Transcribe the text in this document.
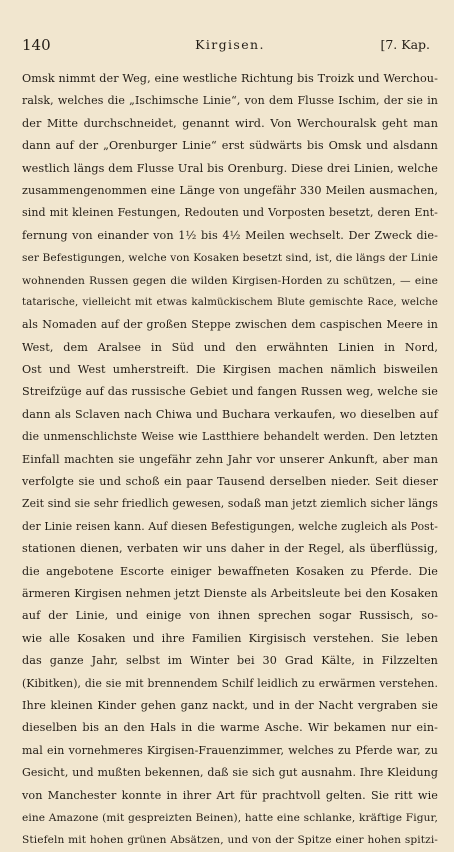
140	Kirgisen.	[7. Kap.
Omsk nimmt der Weg, eine westliche Richtung bis Troizk und Werchou-
ralsk, welches die „Ischimsche Linie“, von dem Flusse Ischim, der sie in
der Mitte durchschneidet, genannt wird. Von Werchouralsk geht man
dann auf der „Orenburger Linie“ erst südwärts bis Omsk und alsdann
westlich längs dem Flusse Ural bis Orenburg. Diese drei Linien, welche
zusammengenommen eine Länge von ungefähr 330 Meilen ausmachen,
sind mit kleinen Festungen, Redouten und Vorposten besetzt, deren Ent-
fernung von einander von 1½ bis 4½ Meilen wechselt. Der Zweck die-
ser Befestigungen, welche von Kosaken besetzt sind, ist, die längs der Linie
wohnenden Russen gegen die wilden Kirgisen-Horden zu schützen, — eine
tatarische, vielleicht mit etwas kalmückischem Blute gemischte Race, welche
als Nomaden auf der großen Steppe zwischen dem caspischen Meere in
West, dem Aralsee in Süd und den erwähnten Linien in Nord,
Ost und West umherstreift. Die Kirgisen machen nämlich bisweilen
Streifzüge auf das russische Gebiet und fangen Russen weg, welche sie
dann als Sclaven nach Chiwa und Buchara verkaufen, wo dieselben auf
die unmenschlichste Weise wie Lastthiere behandelt werden. Den letzten
Einfall machten sie ungefähr zehn Jahr vor unserer Ankunft, aber man
verfolgte sie und schoß ein paar Tausend derselben nieder. Seit dieser
Zeit sind sie sehr friedlich gewesen, sodaß man jetzt ziemlich sicher längs
der Linie reisen kann. Auf diesen Befestigungen, welche zugleich als Post-
stationen dienen, verbaten wir uns daher in der Regel, als überflüssig,
die angebotene Escorte einiger bewaffneten Kosaken zu Pferde. Die
ärmeren Kirgisen nehmen jetzt Dienste als Arbeitsleute bei den Kosaken
auf der Linie, und einige von ihnen sprechen sogar Russisch, so-
wie alle Kosaken und ihre Familien Kirgisisch verstehen. Sie leben
das ganze Jahr, selbst im Winter bei 30 Grad Kälte, in Filzzelten
(Kibitken), die sie mit brennendem Schilf leidlich zu erwärmen verstehen.
Ihre kleinen Kinder gehen ganz nackt, und in der Nacht vergraben sie
dieselben bis an den Hals in die warme Asche. Wir bekamen nur ein-
mal ein vornehmeres Kirgisen-Frauenzimmer, welches zu Pferde war, zu
Gesicht, und mußten bekennen, daß sie sich gut ausnahm. Ihre Kleidung
von Manchester konnte in ihrer Art für prachtvoll gelten. Sie ritt wie
eine Amazone (mit gespreizten Beinen), hatte eine schlanke, kräftige Figur,
Stiefeln mit hohen grünen Absätzen, und von der Spitze einer hohen spitzi-
